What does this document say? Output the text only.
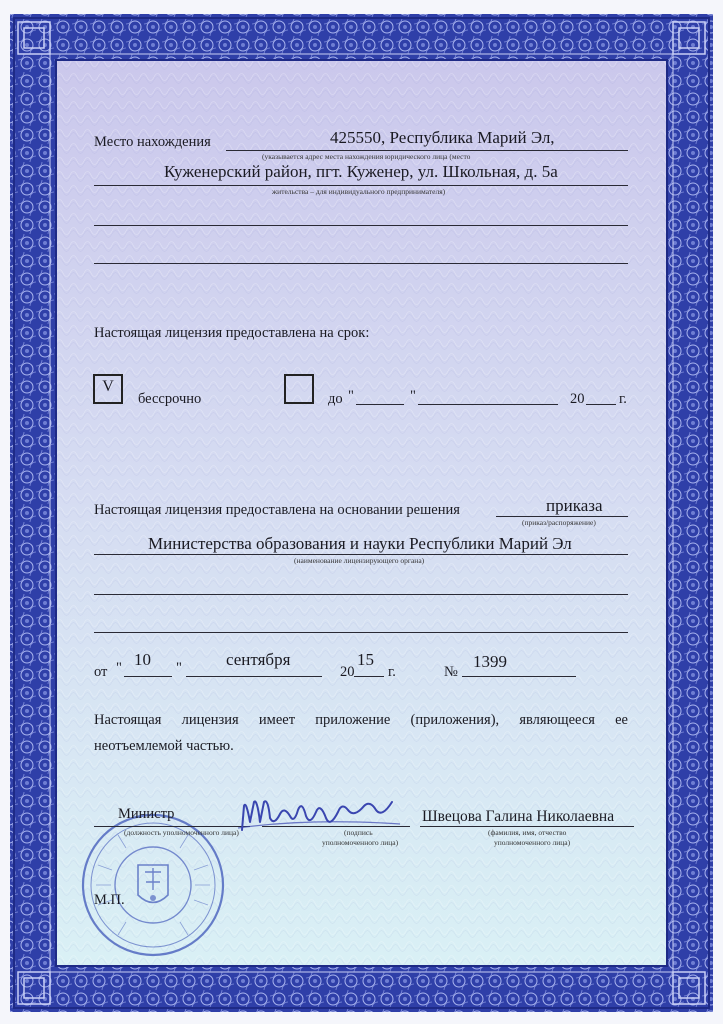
Место нахождения	425550, Республика Марий Эл,
(указывается адрес места нахождения юридического лица (место
Куженерский район, пгт. Куженер, ул. Школьная, д. 5а
жительства – для индивидуального предпринимателя)
Настоящая лицензия предоставлена на срок:
V
бессрочно	до "	"	20 г.
Настоящая лицензия предоставлена на основании решения	приказа
(приказ/распоряжение)
Министерства образования и науки Республики Марий Эл
(наименование лицензирующего органа)
от " 10 "	сентября
20
15
г.	№
1399
Настоящая лицензия имеет приложение (приложения), являющееся ее
неотъемлемой частью.
Министр
(должность уполномоченного лица)	(подпись
уполномоченного лица)
Швецова Галина Николаевна
(фамилия, имя, отчество
уполномоченного лица)
М.П.
